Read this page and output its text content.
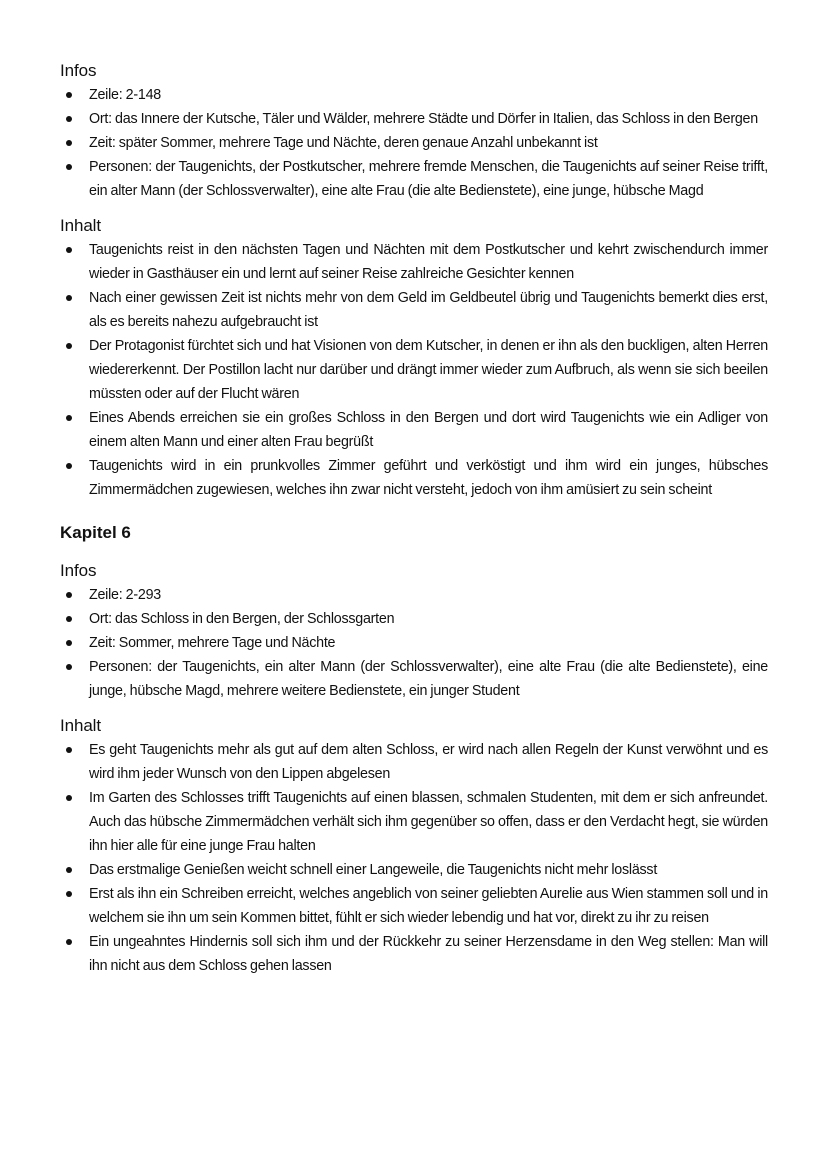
Infos
Zeile: 2-148
Ort: das Innere der Kutsche, Täler und Wälder, mehrere Städte und Dörfer in Italien, das Schloss in den Bergen
Zeit: später Sommer, mehrere Tage und Nächte, deren genaue Anzahl unbekannt ist
Personen: der Taugenichts, der Postkutscher, mehrere fremde Menschen, die Taugenichts auf seiner Reise trifft, ein alter Mann (der Schlossverwalter), eine alte Frau (die alte Bedienstete), eine junge, hübsche Magd
Inhalt
Taugenichts reist in den nächsten Tagen und Nächten mit dem Postkutscher und kehrt zwischendurch immer wieder in Gasthäuser ein und lernt auf seiner Reise zahlreiche Gesichter kennen
Nach einer gewissen Zeit ist nichts mehr von dem Geld im Geldbeutel übrig und Taugenichts bemerkt dies erst, als es bereits nahezu aufgebraucht ist
Der Protagonist fürchtet sich und hat Visionen von dem Kutscher, in denen er ihn als den buckligen, alten Herren wiedererkennt. Der Postillon lacht nur darüber und drängt immer wieder zum Aufbruch, als wenn sie sich beeilen müssten oder auf der Flucht wären
Eines Abends erreichen sie ein großes Schloss in den Bergen und dort wird Taugenichts wie ein Adliger von einem alten Mann und einer alten Frau begrüßt
Taugenichts wird in ein prunkvolles Zimmer geführt und verköstigt und ihm wird ein junges, hübsches Zimmermädchen zugewiesen, welches ihn zwar nicht versteht, jedoch von ihm amüsiert zu sein scheint
Kapitel 6
Infos
Zeile: 2-293
Ort: das Schloss in den Bergen, der Schlossgarten
Zeit: Sommer, mehrere Tage und Nächte
Personen: der Taugenichts, ein alter Mann (der Schlossverwalter), eine alte Frau (die alte Bedienstete), eine junge, hübsche Magd, mehrere weitere Bedienstete, ein junger Student
Inhalt
Es geht Taugenichts mehr als gut auf dem alten Schloss, er wird nach allen Regeln der Kunst verwöhnt und es wird ihm jeder Wunsch von den Lippen abgelesen
Im Garten des Schlosses trifft Taugenichts auf einen blassen, schmalen Studenten, mit dem er sich anfreundet. Auch das hübsche Zimmermädchen verhält sich ihm gegenüber so offen, dass er den Verdacht hegt, sie würden ihn hier alle für eine junge Frau halten
Das erstmalige Genießen weicht schnell einer Langeweile, die Taugenichts nicht mehr loslässt
Erst als ihn ein Schreiben erreicht, welches angeblich von seiner geliebten Aurelie aus Wien stammen soll und in welchem sie ihn um sein Kommen bittet, fühlt er sich wieder lebendig und hat vor, direkt zu ihr zu reisen
Ein ungeahntes Hindernis soll sich ihm und der Rückkehr zu seiner Herzensdame in den Weg stellen: Man will ihn nicht aus dem Schloss gehen lassen
